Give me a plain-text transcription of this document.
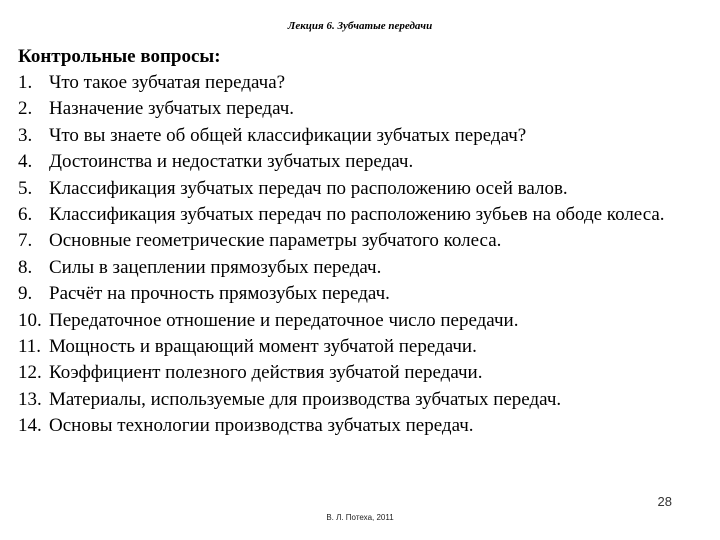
Лекция 6. Зубчатые передачи
Контрольные вопросы:
1. Что такое зубчатая передача?
2. Назначение зубчатых передач.
3. Что вы знаете об общей классификации зубчатых передач?
4. Достоинства и недостатки зубчатых передач.
5. Классификация зубчатых передач по расположению осей валов.
6. Классификация зубчатых передач по расположению зубьев на ободе колеса.
7. Основные геометрические параметры зубчатого колеса.
8. Силы в зацеплении прямозубых передач.
9. Расчёт на прочность прямозубых передач.
10. Передаточное отношение и передаточное число передачи.
11. Мощность и вращающий момент зубчатой передачи.
12. Коэффициент полезного действия зубчатой передачи.
13. Материалы, используемые для производства зубчатых передач.
14. Основы технологии производства зубчатых передач.
28
В. Л. Потеха, 2011
